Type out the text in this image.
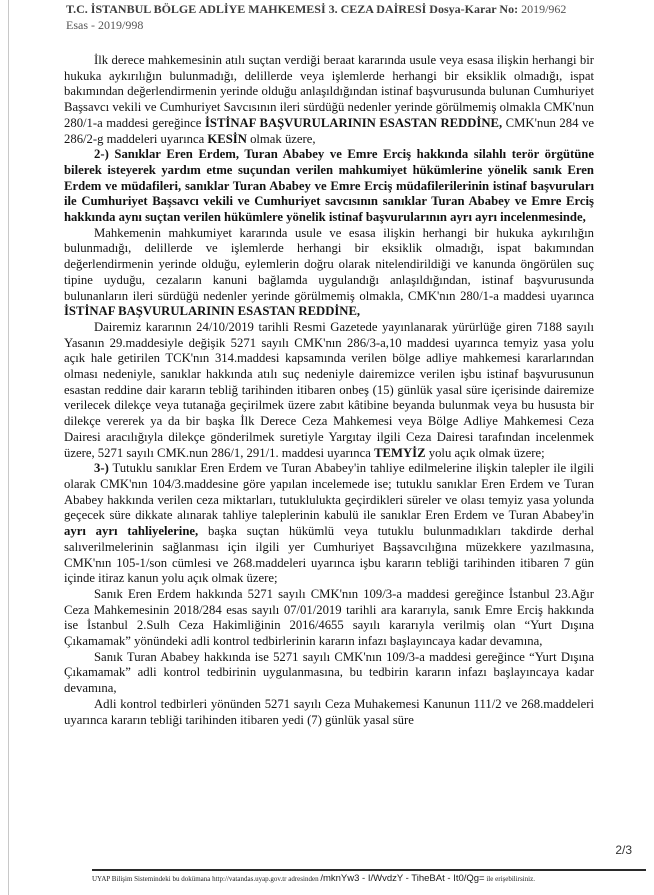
T.C. İSTANBUL BÖLGE ADLİYE MAHKEMESİ 3. CEZA DAİRESİ Dosya-Karar No: 2019/962 Esas - 2019/998

İlk derece mahkemesinin atılı suçtan verdiği beraat kararında usule veya esasa ilişkin herhangi bir hukuka aykırılığın bulunmadığı, delillerde veya işlemlerde herhangi bir eksiklik olmadığı, ispat bakımından değerlendirmenin yerinde olduğu anlaşıldığından istinaf başvurusunda bulunan Cumhuriyet Başsavcı vekili ve Cumhuriyet Savcısının ileri sürdüğü nedenler yerinde görülmemiş olmakla CMK'nun 280/1-a maddesi gereğince İSTİNAF BAŞVURULARININ ESASTAN REDDİNE, CMK'nun 284 ve 286/2-g maddeleri uyarınca KESİN olmak üzere,

2-) Sanıklar Eren Erdem, Turan Ababey ve Emre Erciş hakkında silahlı terör örgütüne bilerek isteyerek yardım etme suçundan verilen mahkumiyet hükümlerine yönelik sanık Eren Erdem ve müdafileri, sanıklar Turan Ababey ve Emre Erciş müdafilerilerinin istinaf başvuruları ile Cumhuriyet Başsavcı vekili ve Cumhuriyet savcısının sanıklar Turan Ababey ve Emre Erciş hakkında aynı suçtan verilen hükümlere yönelik istinaf başvurularının ayrı ayrı incelenmesinde,

Mahkemenin mahkumiyet kararında usule ve esasa ilişkin herhangi bir hukuka aykırılığın bulunmadığı, delillerde ve işlemlerde herhangi bir eksiklik olmadığı, ispat bakımından değerlendirmenin yerinde olduğu, eylemlerin doğru olarak nitelendirildiği ve kanunda öngörülen suç tipine uyduğu, cezaların kanuni bağlamda uygulandığı anlaşıldığından, istinaf başvurusunda bulunanların ileri sürdüğü nedenler yerinde görülmemiş olmakla, CMK'nın 280/1-a maddesi uyarınca İSTİNAF BAŞVURULARININ ESASTAN REDDİNE,

Dairemiz kararının 24/10/2019 tarihli Resmi Gazetede yayınlanarak yürürlüğe giren 7188 sayılı Yasanın 29.maddesiyle değişik 5271 sayılı CMK'nın 286/3-a,10 maddesi uyarınca temyiz yasa yolu açık hale getirilen TCK'nın 314.maddesi kapsamında verilen bölge adliye mahkemesi kararlarından olması nedeniyle, sanıklar hakkında atılı suç nedeniyle dairemizce verilen işbu istinaf başvurusunun esastan reddine dair kararın tebliğ tarihinden itibaren onbeş (15) günlük yasal süre içerisinde dairemize verilecek dilekçe veya tutanağa geçirilmek üzere zabıt kâtibine beyanda bulunmak veya bu hususta bir dilekçe vererek ya da bir başka İlk Derece Ceza Mahkemesi veya Bölge Adliye Mahkemesi Ceza Dairesi aracılığıyla dilekçe gönderilmek suretiyle Yargıtay ilgili Ceza Dairesi tarafından incelenmek üzere, 5271 sayılı CMK.nun 286/1, 291/1. maddesi uyarınca TEMYİZ yolu açık olmak üzere;

3-) Tutuklu sanıklar Eren Erdem ve Turan Ababey'in tahliye edilmelerine ilişkin talepler ile ilgili olarak CMK'nın 104/3.maddesine göre yapılan incelemede ise; tutuklu sanıklar Eren Erdem ve Turan Ababey hakkında verilen ceza miktarları, tutuklulukta geçirdikleri süreler ve olası temyiz yasa yolunda geçecek süre dikkate alınarak tahliye taleplerinin kabulü ile sanıklar Eren Erdem ve Turan Ababey'in ayrı ayrı tahliyelerine, başka suçtan hükümlü veya tutuklu bulunmadıkları takdirde derhal salıverilmelerinin sağlanması için ilgili yer Cumhuriyet Başsavcılığına müzekkere yazılmasına, CMK'nın 105-1/son cümlesi ve 268.maddeleri uyarınca işbu kararın tebliği tarihinden itibaren 7 gün içinde itiraz kanun yolu açık olmak üzere;

Sanık Eren Erdem hakkında 5271 sayılı CMK'nın 109/3-a maddesi gereğince İstanbul 23.Ağır Ceza Mahkemesinin 2018/284 esas sayılı 07/01/2019 tarihli ara kararıyla, sanık Emre Erciş hakkında ise İstanbul 2.Sulh Ceza Hakimliğinin 2016/4655 sayılı kararıyla verilmiş olan “Yurt Dışına Çıkamamak” yönündeki adli kontrol tedbirlerinin kararın infazı başlayıncaya kadar devamına,

Sanık Turan Ababey hakkında ise 5271 sayılı CMK'nın 109/3-a maddesi gereğince “Yurt Dışına Çıkamamak” adli kontrol tedbirinin uygulanmasına, bu tedbirin kararın infazı başlayıncaya kadar devamına,

Adli kontrol tedbirleri yönünden 5271 sayılı Ceza Muhakemesi Kanunun 111/2 ve 268.maddeleri uyarınca kararın tebliği tarihinden itibaren yedi (7) günlük yasal süre

2/3
UYAP Bilişim Sistemindeki bu dokümana http://vatandas.uyap.gov.tr adresinden /mknYw3 - I/WvdzY - TiheBAt - It0/Qg= ile erişebilirsiniz.
